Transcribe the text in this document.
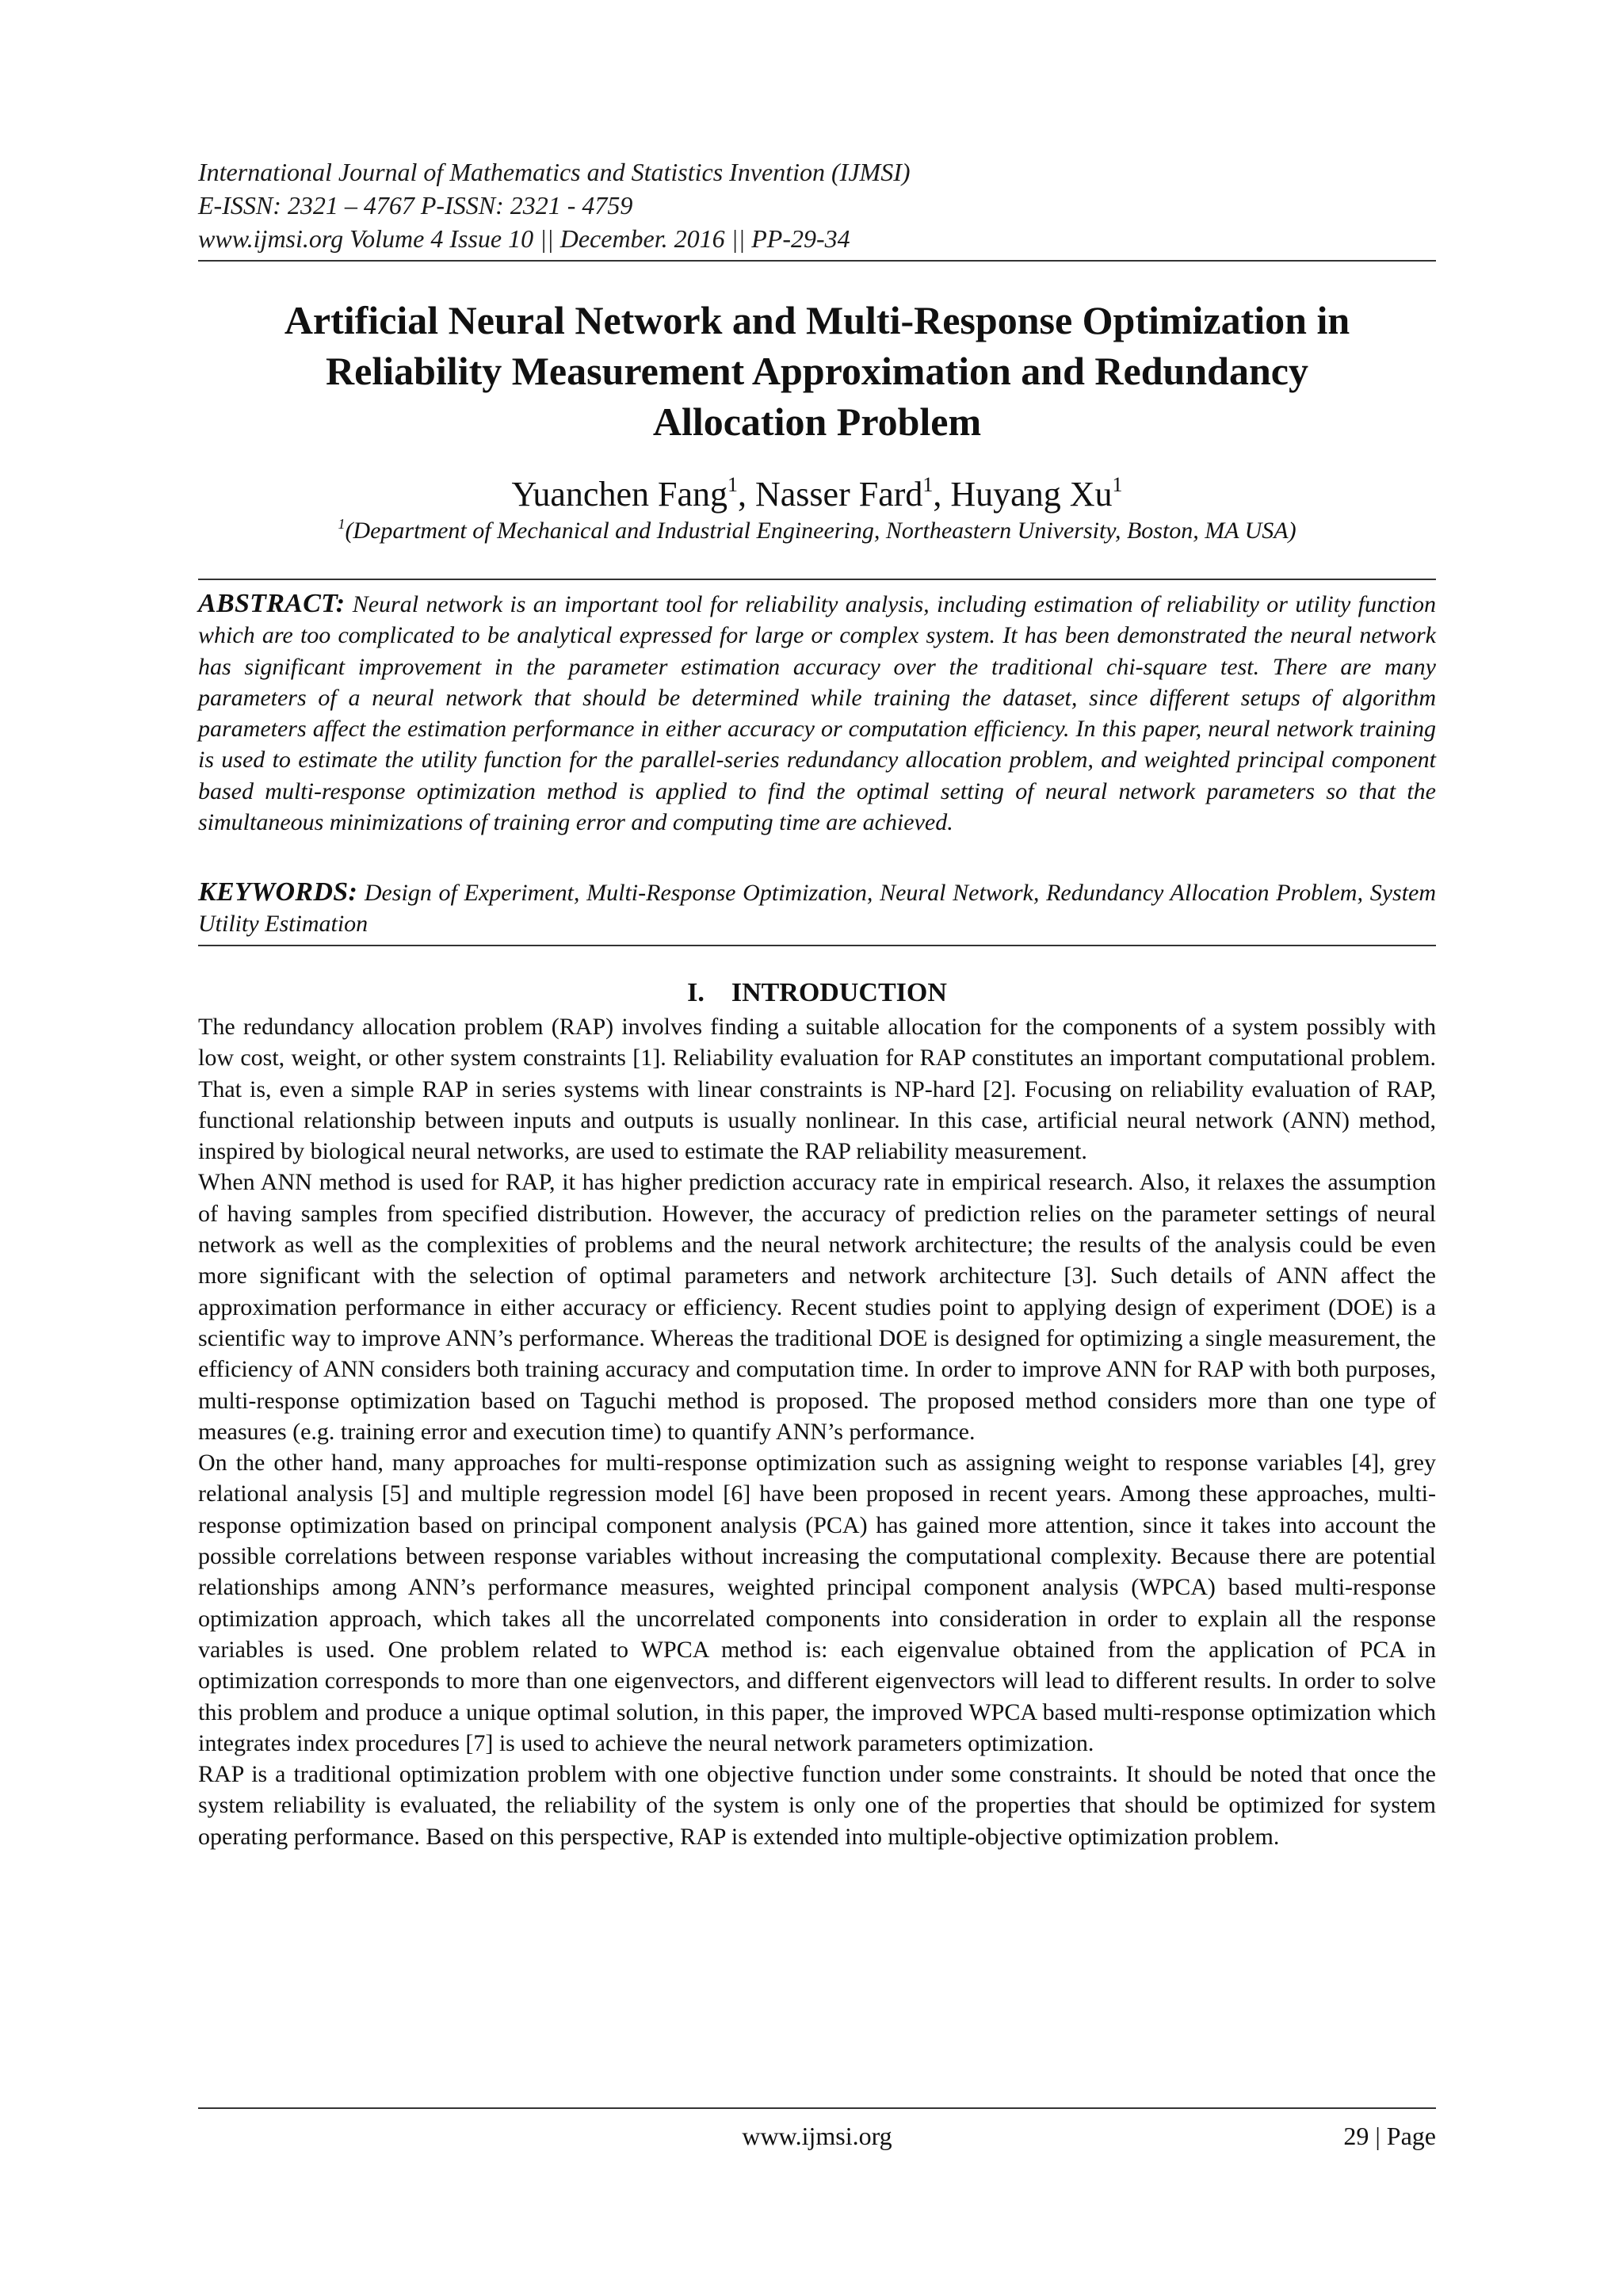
International Journal of Mathematics and Statistics Invention (IJMSI)
E-ISSN: 2321 – 4767 P-ISSN: 2321 - 4759
www.ijmsi.org Volume 4 Issue 10 || December. 2016 || PP-29-34
Artificial Neural Network and Multi-Response Optimization in
Reliability Measurement Approximation and Redundancy
Allocation Problem
Yuanchen Fang$^1$, Nasser Fard$^1$, Huyang Xu$^1$
$^1$(Department of Mechanical and Industrial Engineering, Northeastern University, Boston, MA USA)

ABSTRACT: Neural network is an important tool for reliability analysis, including estimation of reliability or utility function which are too complicated to be analytical expressed for large or complex system. It has been demonstrated the neural network has significant improvement in the parameter estimation accuracy over the traditional chi-square test. There are many parameters of a neural network that should be determined while training the dataset, since different setups of algorithm parameters affect the estimation performance in either accuracy or computation efficiency. In this paper, neural network training is used to estimate the utility function for the parallel-series redundancy allocation problem, and weighted principal component based multi-response optimization method is applied to find the optimal setting of neural network parameters so that the simultaneous minimizations of training error and computing time are achieved.

KEYWORDS: Design of Experiment, Multi-Response Optimization, Neural Network, Redundancy Allocation Problem, System Utility Estimation

I. INTRODUCTION

The redundancy allocation problem (RAP) involves finding a suitable allocation for the components of a system possibly with low cost, weight, or other system constraints [1]. Reliability evaluation for RAP constitutes an important computational problem. That is, even a simple RAP in series systems with linear constraints is NP-hard [2]. Focusing on reliability evaluation of RAP, functional relationship between inputs and outputs is usually nonlinear. In this case, artificial neural network (ANN) method, inspired by biological neural networks, are used to estimate the RAP reliability measurement.

When ANN method is used for RAP, it has higher prediction accuracy rate in empirical research. Also, it relaxes the assumption of having samples from specified distribution. However, the accuracy of prediction relies on the parameter settings of neural network as well as the complexities of problems and the neural network architecture; the results of the analysis could be even more significant with the selection of optimal parameters and network architecture [3]. Such details of ANN affect the approximation performance in either accuracy or efficiency. Recent studies point to applying design of experiment (DOE) is a scientific way to improve ANN’s performance. Whereas the traditional DOE is designed for optimizing a single measurement, the efficiency of ANN considers both training accuracy and computation time. In order to improve ANN for RAP with both purposes, multi-response optimization based on Taguchi method is proposed. The proposed method considers more than one type of measures (e.g. training error and execution time) to quantify ANN’s performance.

On the other hand, many approaches for multi-response optimization such as assigning weight to response variables [4], grey relational analysis [5] and multiple regression model [6] have been proposed in recent years. Among these approaches, multi-response optimization based on principal component analysis (PCA) has gained more attention, since it takes into account the possible correlations between response variables without increasing the computational complexity. Because there are potential relationships among ANN’s performance measures, weighted principal component analysis (WPCA) based multi-response optimization approach, which takes all the uncorrelated components into consideration in order to explain all the response variables is used. One problem related to WPCA method is: each eigenvalue obtained from the application of PCA in optimization corresponds to more than one eigenvectors, and different eigenvectors will lead to different results. In order to solve this problem and produce a unique optimal solution, in this paper, the improved WPCA based multi-response optimization which integrates index procedures [7] is used to achieve the neural network parameters optimization.

RAP is a traditional optimization problem with one objective function under some constraints. It should be noted that once the system reliability is evaluated, the reliability of the system is only one of the properties that should be optimized for system operating performance. Based on this perspective, RAP is extended into multiple-objective optimization problem.

www.ijmsi.org	29 | Page
